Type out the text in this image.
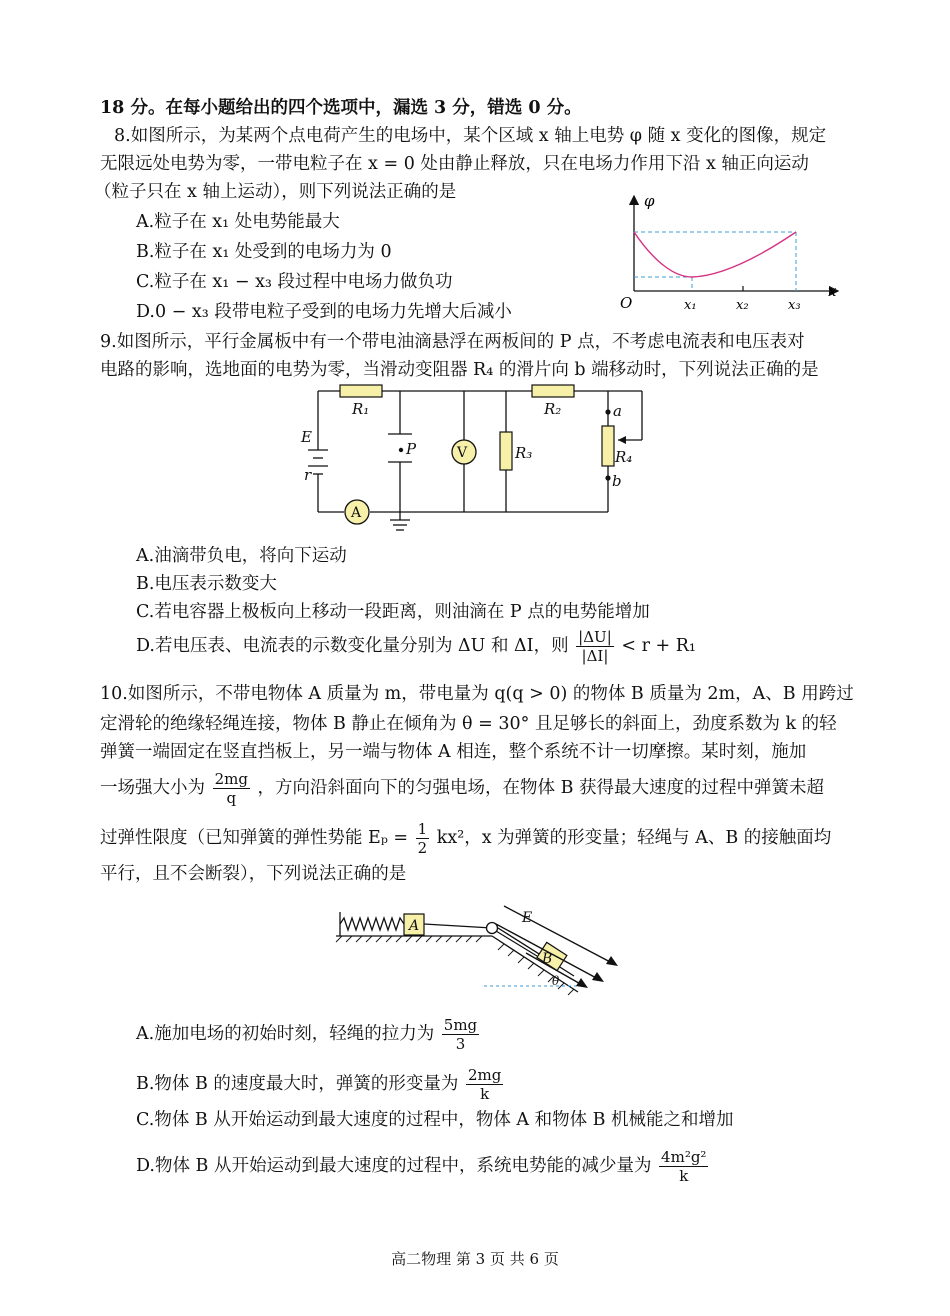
18 分。在每小题给出的四个选项中，漏选 3 分，错选 0 分。
8.如图所示，为某两个点电荷产生的电场中，某个区域 x 轴上电势 φ 随 x 变化的图像，规定
无限远处电势为零，一带电粒子在 x = 0 处由静止释放，只在电场力作用下沿 x 轴正向运动
（粒子只在 x 轴上运动），则下列说法正确的是
A.粒子在 x₁ 处电势能最大
B.粒子在 x₁ 处受到的电场力为 0
C.粒子在 x₁ − x₃ 段过程中电场力做负功
D.0 − x₃ 段带电粒子受到的电场力先增大后减小
φ
x
O	x₁	x₂	x₃
9.如图所示，平行金属板中有一个带电油滴悬浮在两板间的 P 点，不考虑电流表和电压表对
电路的影响，选地面的电势为零，当滑动变阻器 R₄ 的滑片向 b 端移动时，下列说法正确的是
E
r
R₁	R₂
R₃	R₄
P	V
A
a
b
A.油滴带负电，将向下运动
B.电压表示数变大
C.若电容器上极板向上移动一段距离，则油滴在 P 点的电势能增加
D.若电压表、电流表的示数变化量分别为 ΔU 和 ΔI，则 $\frac{|\Delta U|}{|\Delta I|} < r + R_1$
10.如图所示，不带电物体 A 质量为 m，带电量为 q(q > 0) 的物体 B 质量为 2m，A、B 用跨过
定滑轮的绝缘轻绳连接，物体 B 静止在倾角为 θ = 30° 且足够长的斜面上，劲度系数为 k 的轻
弹簧一端固定在竖直挡板上，另一端与物体 A 相连，整个系统不计一切摩擦。某时刻，施加
一场强大小为 $\frac{2mg}{q}$ ，方向沿斜面向下的匀强电场，在物体 B 获得最大速度的过程中弹簧未超
过弹性限度（已知弹簧的弹性势能 $E_p = \frac{1}{2} kx^2$，x 为弹簧的形变量；轻绳与 A、B 的接触面均
平行，且不会断裂），下列说法正确的是
A
B
E
θ
A.施加电场的初始时刻，轻绳的拉力为 $\frac{5mg}{3}$
B.物体 B 的速度最大时，弹簧的形变量为 $\frac{2mg}{k}$
C.物体 B 从开始运动到最大速度的过程中，物体 A 和物体 B 机械能之和增加
D.物体 B 从开始运动到最大速度的过程中，系统电势能的减少量为 $\frac{\text{4m²g²}}{k}$
高二物理 第 3 页 共 6 页
